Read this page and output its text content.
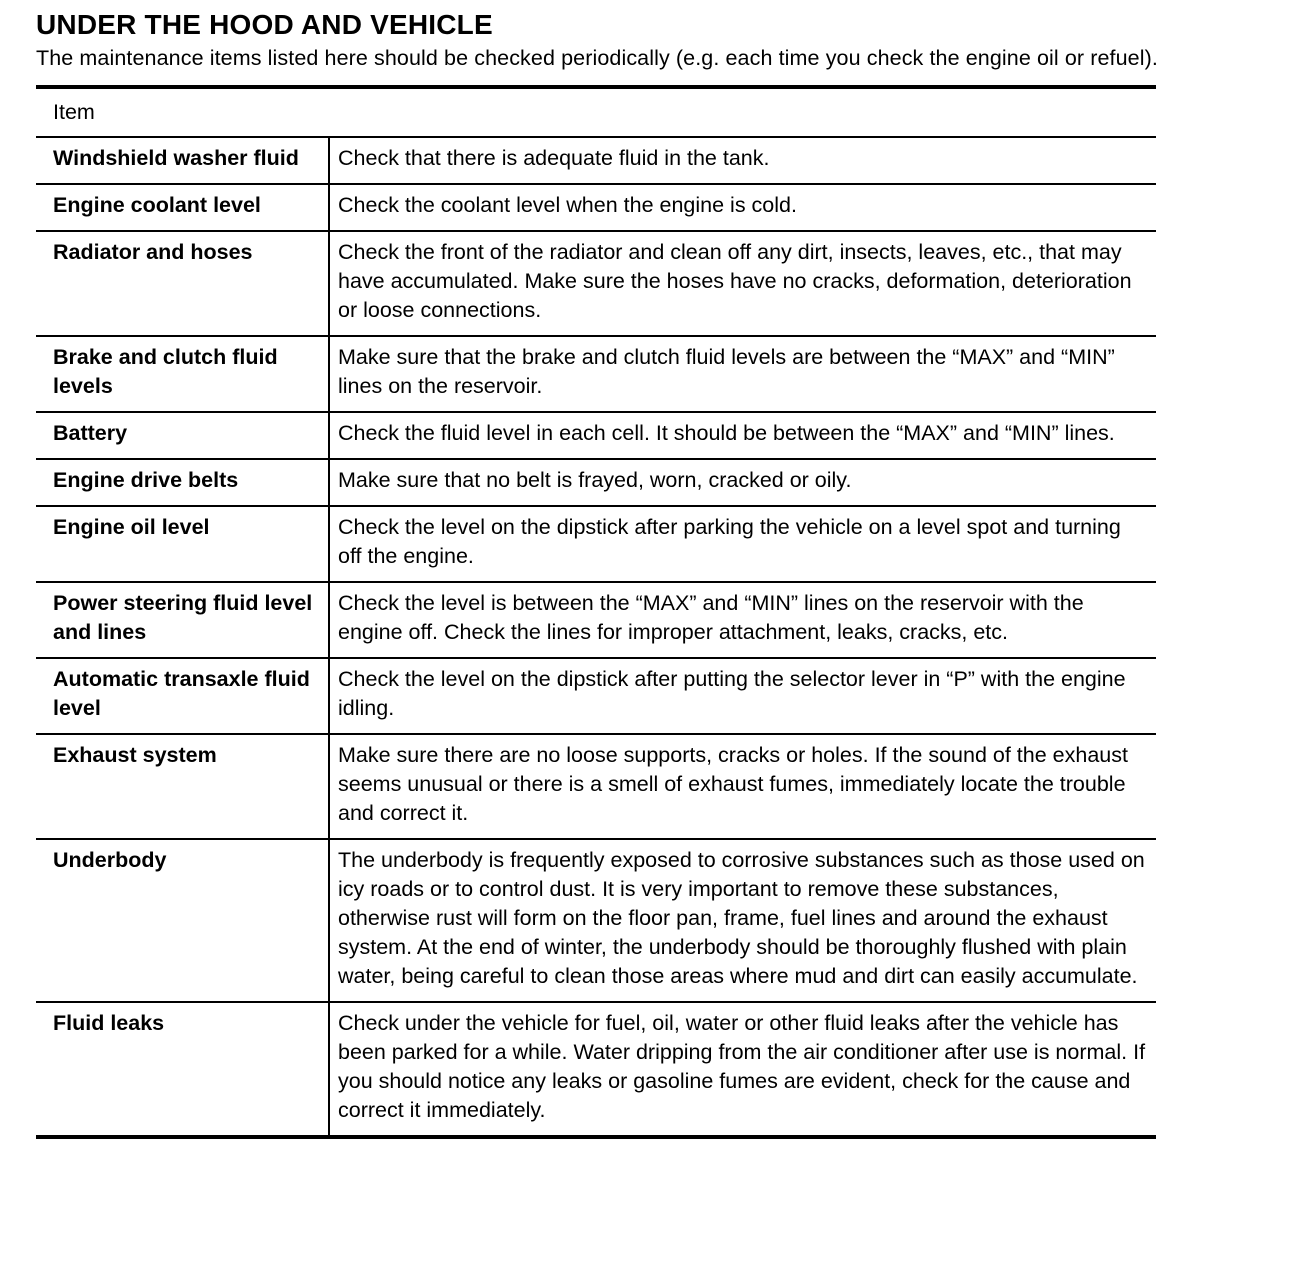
UNDER THE HOOD AND VEHICLE

The maintenance items listed here should be checked periodically (e.g. each time you check the engine oil or refuel).

Item	
Windshield washer fluid	Check that there is adequate fluid in the tank.
Engine coolant level	Check the coolant level when the engine is cold.
Radiator and hoses	Check the front of the radiator and clean off any dirt, insects, leaves, etc., that may have accumulated. Make sure the hoses have no cracks, deformation, deterioration or loose connections.
Brake and clutch fluid levels	Make sure that the brake and clutch fluid levels are between the “MAX” and “MIN” lines on the reservoir.
Battery	Check the fluid level in each cell. It should be between the “MAX” and “MIN” lines.
Engine drive belts	Make sure that no belt is frayed, worn, cracked or oily.
Engine oil level	Check the level on the dipstick after parking the vehicle on a level spot and turning off the engine.
Power steering fluid level and lines	Check the level is between the “MAX” and “MIN” lines on the reservoir with the engine off. Check the lines for improper attachment, leaks, cracks, etc.
Automatic transaxle fluid level	Check the level on the dipstick after putting the selector lever in “P” with the engine idling.
Exhaust system	Make sure there are no loose supports, cracks or holes. If the sound of the exhaust seems unusual or there is a smell of exhaust fumes, immediately locate the trouble and correct it.
Underbody	The underbody is frequently exposed to corrosive substances such as those used on icy roads or to control dust. It is very important to remove these substances, otherwise rust will form on the floor pan, frame, fuel lines and around the exhaust system. At the end of winter, the underbody should be thoroughly flushed with plain water, being careful to clean those areas where mud and dirt can easily accumulate.
Fluid leaks	Check under the vehicle for fuel, oil, water or other fluid leaks after the vehicle has been parked for a while. Water dripping from the air conditioner after use is normal. If you should notice any leaks or gasoline fumes are evident, check for the cause and correct it immediately.
